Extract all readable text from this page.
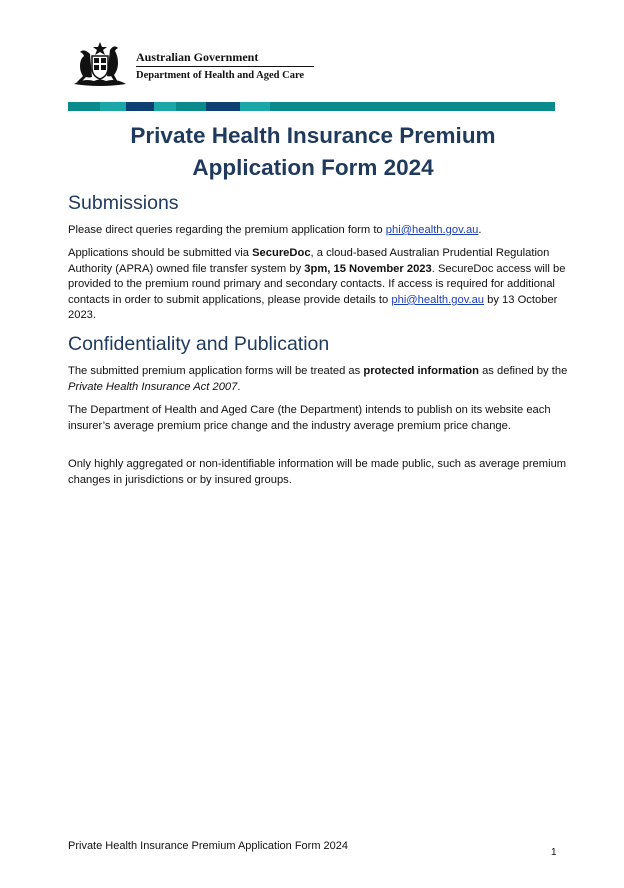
Australian Government
Department of Health and Aged Care
Private Health Insurance Premium Application Form 2024
Submissions
Please direct queries regarding the premium application form to phi@health.gov.au.
Applications should be submitted via SecureDoc, a cloud-based Australian Prudential Regulation Authority (APRA) owned file transfer system by 3pm, 15 November 2023. SecureDoc access will be provided to the premium round primary and secondary contacts. If access is required for additional contacts in order to submit applications, please provide details to phi@health.gov.au by 13 October 2023.
Confidentiality and Publication
The submitted premium application forms will be treated as protected information as defined by the Private Health Insurance Act 2007.
The Department of Health and Aged Care (the Department) intends to publish on its website each insurer’s average premium price change and the industry average premium price change.
Only highly aggregated or non-identifiable information will be made public, such as average premium changes in jurisdictions or by insured groups.
Private Health Insurance Premium Application Form 2024
1
